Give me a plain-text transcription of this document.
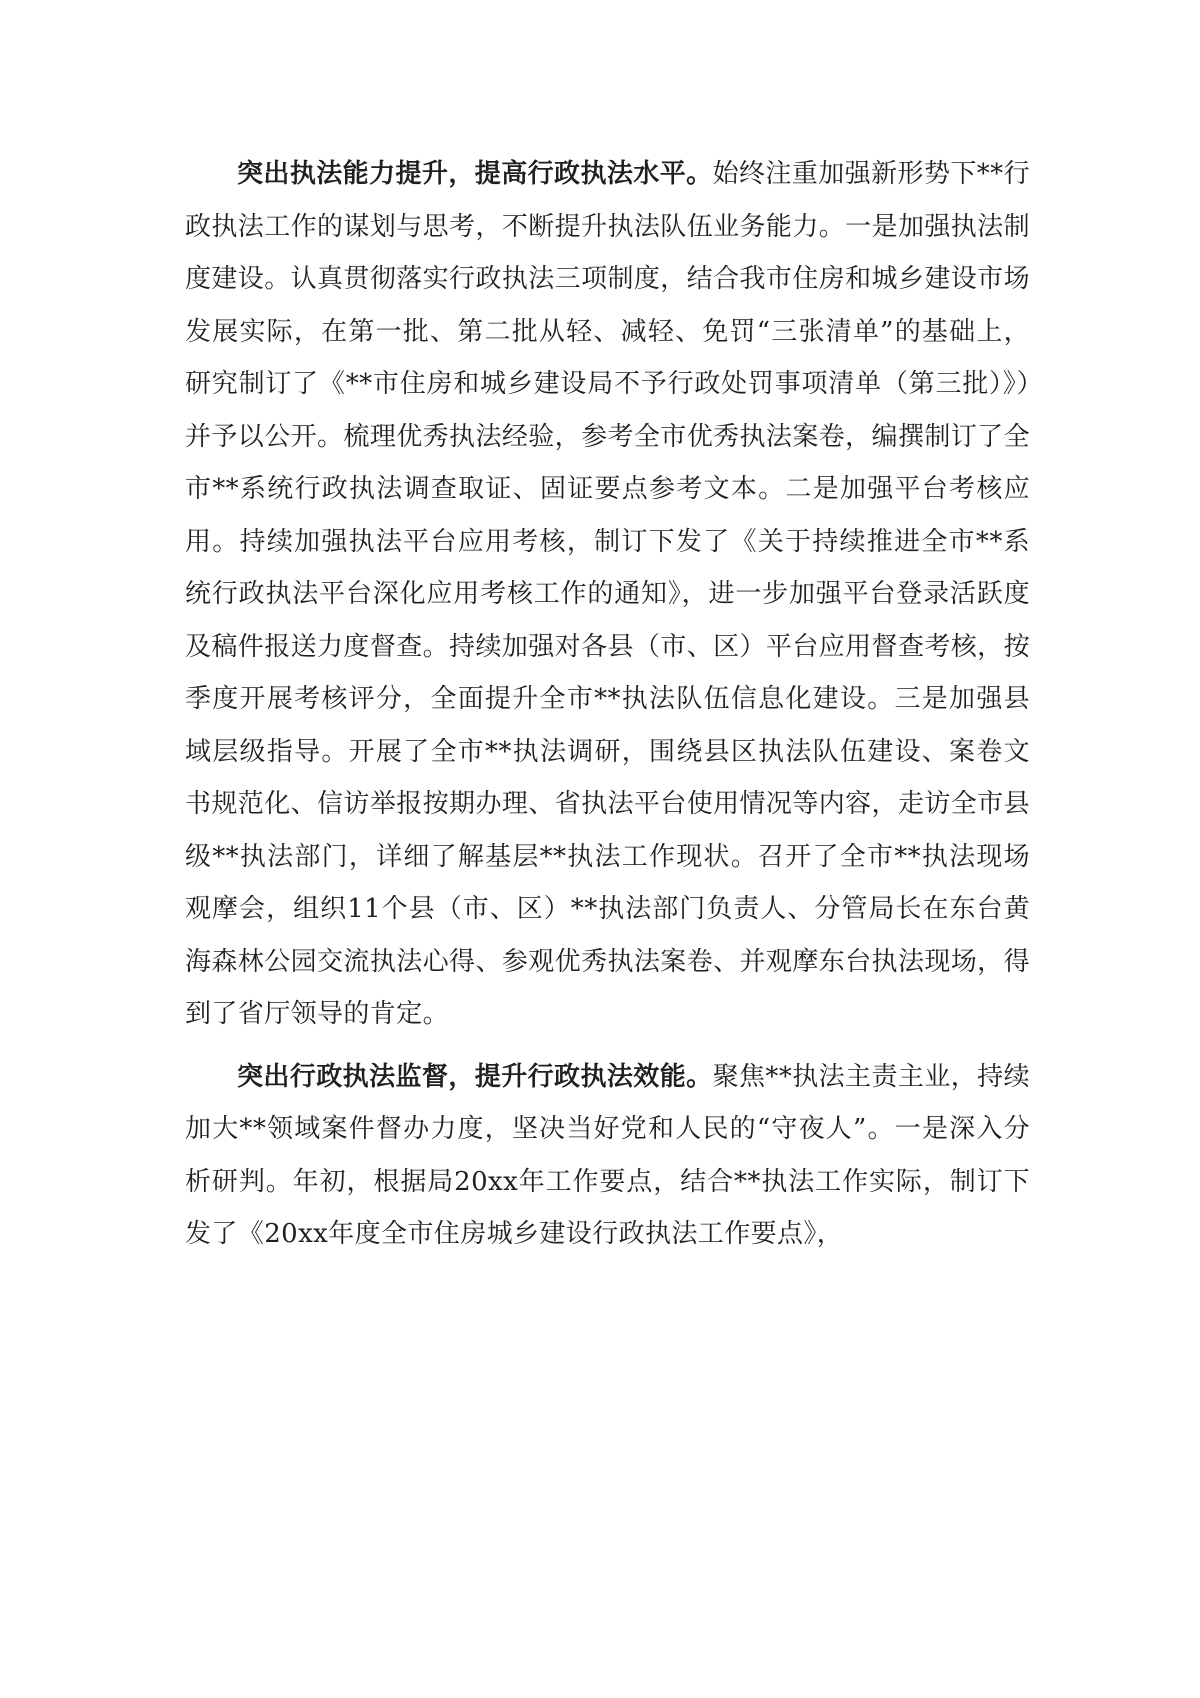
突出执法能力提升，提高行政执法水平。始终注重加强新形势下**行政执法工作的谋划与思考，不断提升执法队伍业务能力。一是加强执法制度建设。认真贯彻落实行政执法三项制度，结合我市住房和城乡建设市场发展实际，在第一批、第二批从轻、减轻、免罚“三张清单”的基础上，研究制订了《**市住房和城乡建设局不予行政处罚事项清单（第三批）》）并予以公开。梳理优秀执法经验，参考全市优秀执法案卷，编撰制订了全市**系统行政执法调查取证、固证要点参考文本。二是加强平台考核应用。持续加强执法平台应用考核，制订下发了《关于持续推进全市**系统行政执法平台深化应用考核工作的通知》，进一步加强平台登录活跃度及稿件报送力度督查。持续加强对各县（市、区）平台应用督查考核，按季度开展考核评分，全面提升全市**执法队伍信息化建设。三是加强县域层级指导。开展了全市**执法调研，围绕县区执法队伍建设、案卷文书规范化、信访举报按期办理、省执法平台使用情况等内容，走访全市县级**执法部门，详细了解基层**执法工作现状。召开了全市**执法现场观摩会，组织11个县（市、区）**执法部门负责人、分管局长在东台黄海森林公园交流执法心得、参观优秀执法案卷、并观摩东台执法现场，得到了省厅领导的肯定。

突出行政执法监督，提升行政执法效能。聚焦**执法主责主业，持续加大**领域案件督办力度，坚决当好党和人民的“守夜人”。一是深入分析研判。年初，根据局20xx年工作要点，结合**执法工作实际，制订下发了《20xx年度全市住房城乡建设行政执法工作要点》，
